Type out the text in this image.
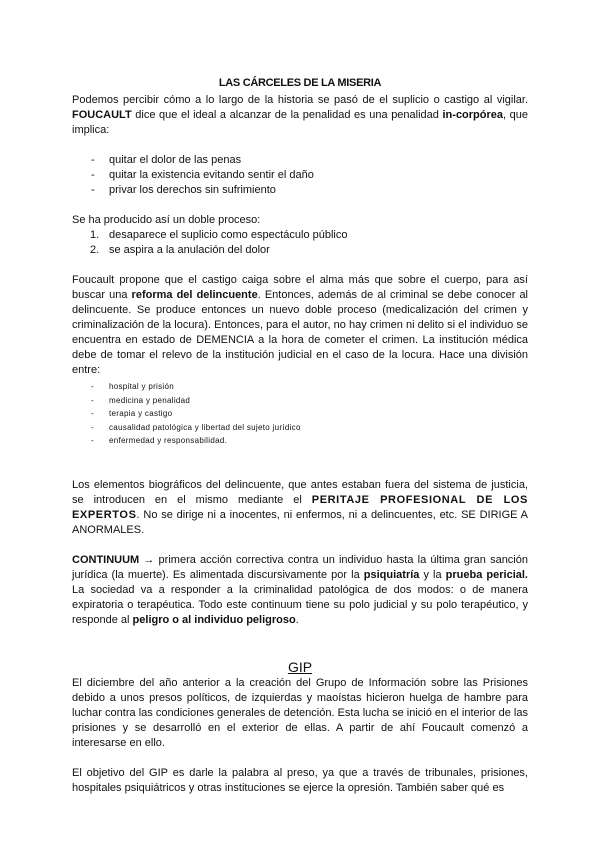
LAS CÁRCELES DE LA MISERIA

Podemos percibir cómo a lo largo de la historia se pasó de el suplicio o castigo al vigilar. FOUCAULT dice que el ideal a alcanzar de la penalidad es una penalidad in-corpórea, que implica:

- quitar el dolor de las penas
- quitar la existencia evitando sentir el daño
- privar los derechos sin sufrimiento

Se ha producido así un doble proceso:

1. desaparece el suplicio como espectáculo público
2. se aspira a la anulación del dolor

Foucault propone que el castigo caiga sobre el alma más que sobre el cuerpo, para así buscar una reforma del delincuente. Entonces, además de al criminal se debe conocer al delincuente. Se produce entonces un nuevo doble proceso (medicalización del crimen y criminalización de la locura). Entonces, para el autor, no hay crimen ni delito si el individuo se encuentra en estado de DEMENCIA a la hora de cometer el crimen. La institución médica debe de tomar el relevo de la institución judicial en el caso de la locura. Hace una división entre:

- hospital y prisión
- medicina y penalidad
- terapia y castigo
- causalidad patológica y libertad del sujeto jurídico
- enfermedad y responsabilidad.

Los elementos biográficos del delincuente, que antes estaban fuera del sistema de justicia, se introducen en el mismo mediante el PERITAJE PROFESIONAL DE LOS EXPERTOS. No se dirige ni a inocentes, ni enfermos, ni a delincuentes, etc. SE DIRIGE A ANORMALES.

CONTINUUM → primera acción correctiva contra un individuo hasta la última gran sanción jurídica (la muerte). Es alimentada discursivamente por la psiquiatría y la prueba pericial. La sociedad va a responder a la criminalidad patológica de dos modos: o de manera expiratoria o terapéutica. Todo este continuum tiene su polo judicial y su polo terapéutico, y responde al peligro o al individuo peligroso.

GIP

El diciembre del año anterior a la creación del Grupo de Información sobre las Prisiones debido a unos presos políticos, de izquierdas y maoístas hicieron huelga de hambre para luchar contra las condiciones generales de detención. Esta lucha se inició en el interior de las prisiones y se desarrolló en el exterior de ellas. A partir de ahí Foucault comenzó a interesarse en ello.

El objetivo del GIP es darle la palabra al preso, ya que a través de tribunales, prisiones, hospitales psiquiátricos y otras instituciones se ejerce la opresión. También saber qué es
